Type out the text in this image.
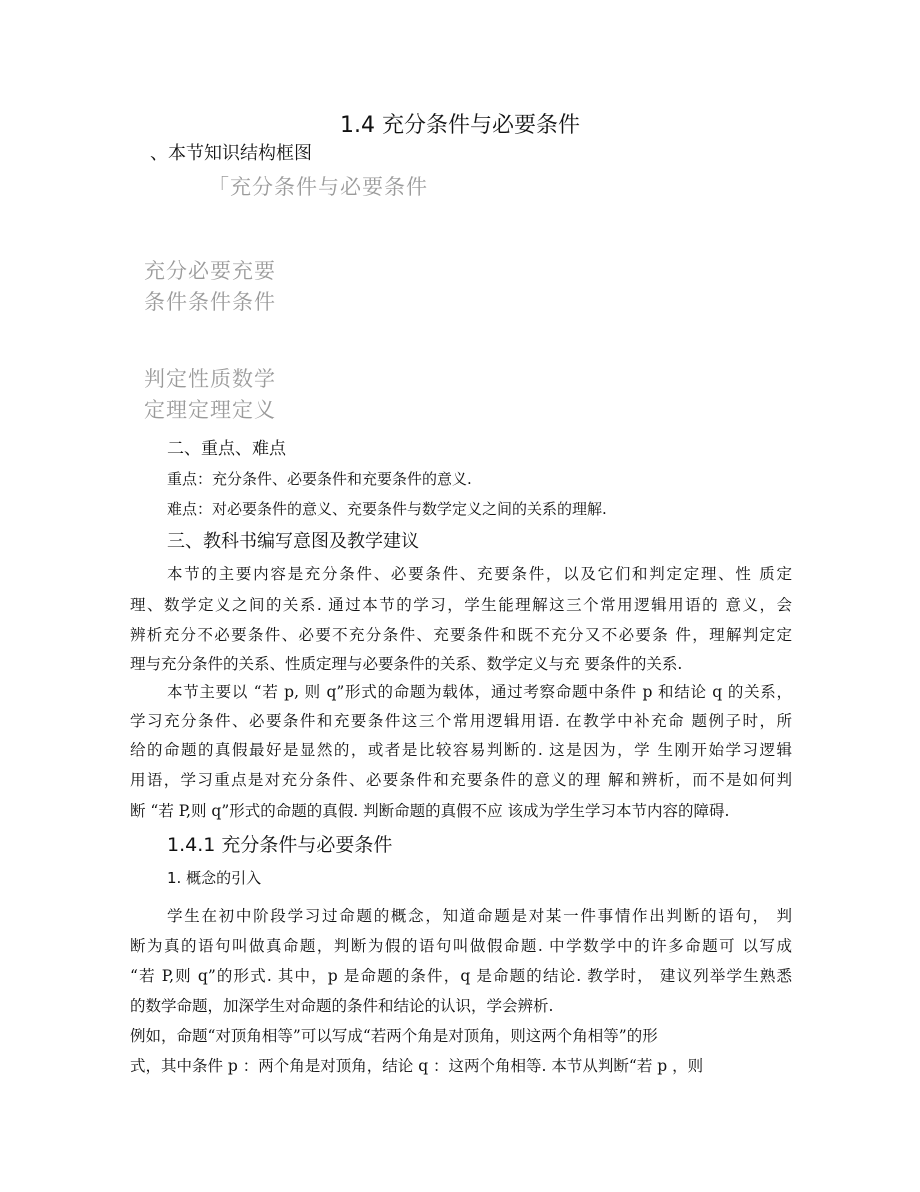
1.4 充分条件与必要条件
、本节知识结构框图
「充分条件与必要条件
充分必要充要
条件条件条件
判定性质数学
定理定理定义
二、重点、难点
重点：充分条件、必要条件和充要条件的意义.
难点：对必要条件的意义、充要条件与数学定义之间的关系的理解.
三、教科书编写意图及教学建议
本节的主要内容是充分条件、必要条件、充要条件，以及它们和判定定理、性 质定
理、数学定义之间的关系. 通过本节的学习，学生能理解这三个常用逻辑用语的 意义，会
辨析充分不必要条件、必要不充分条件、充要条件和既不充分又不必要条 件，理解判定定
理与充分条件的关系、性质定理与必要条件的关系、数学定义与充 要条件的关系.
本节主要以 “若 p, 则 q”形式的命题为载体，通过考察命题中条件 p 和结论 q 的关系，
学习充分条件、必要条件和充要条件这三个常用逻辑用语. 在教学中补充命 题例子时，所
给的命题的真假最好是显然的，或者是比较容易判断的. 这是因为，学 生刚开始学习逻辑
用语，学习重点是对充分条件、必要条件和充要条件的意义的理 解和辨析，而不是如何判
断 “若 P,则 q”形式的命题的真假. 判断命题的真假不应 该成为学生学习本节内容的障碍.
1.4.1 充分条件与必要条件
1. 概念的引入
学生在初中阶段学习过命题的概念，知道命题是对某一件事情作出判断的语句， 判
断为真的语句叫做真命题，判断为假的语句叫做假命题. 中学数学中的许多命题可 以写成
“若 P,则 q”的形式. 其中，p 是命题的条件，q 是命题的结论. 教学时， 建议列举学生熟悉
的数学命题，加深学生对命题的条件和结论的认识，学会辨析.
例如，命题“对顶角相等”可以写成“若两个角是对顶角，则这两个角相等”的形
式，其中条件 p ：两个角是对顶角，结论 q ：这两个角相等. 本节从判断“若 p ，则
